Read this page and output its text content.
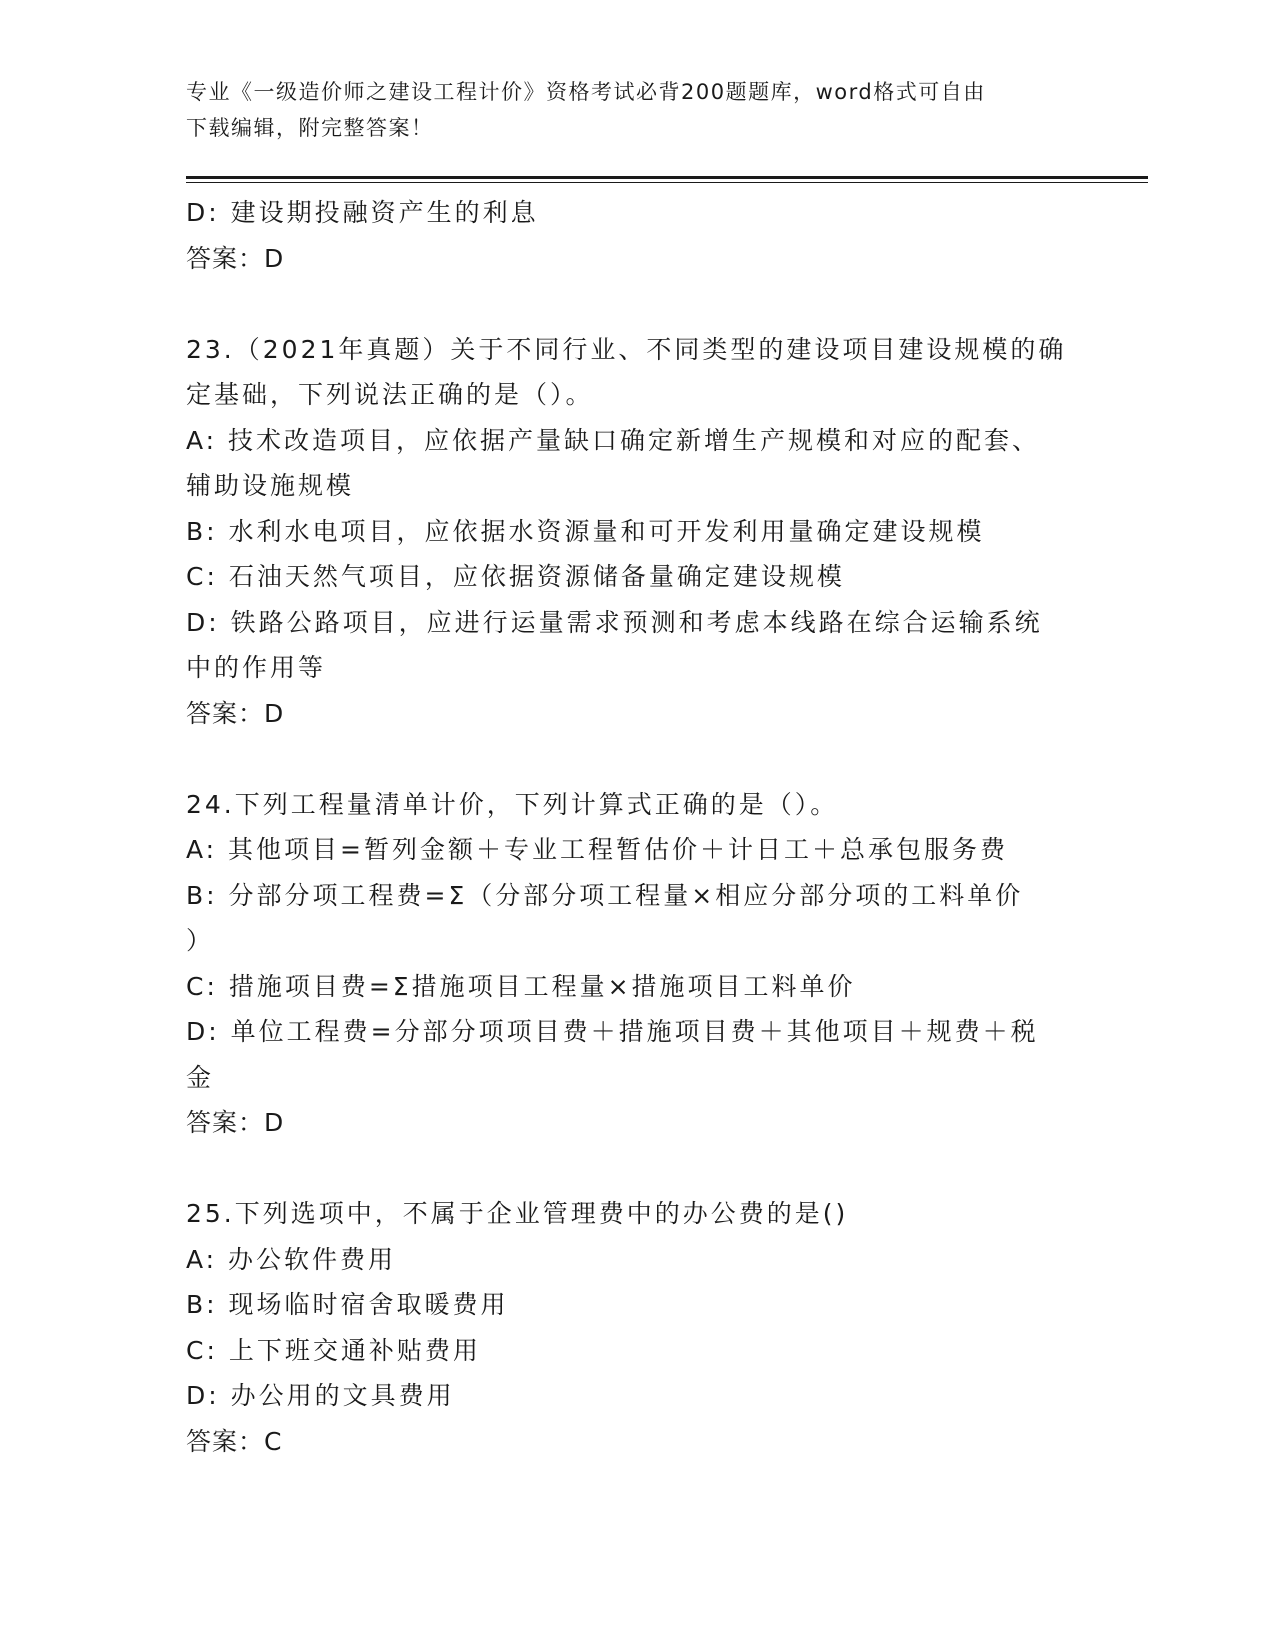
专业《一级造价师之建设工程计价》资格考试必背200题题库，word格式可自由
下载编辑，附完整答案！
D: 建设期投融资产生的利息
答案：D
23.（2021年真题）关于不同行业、不同类型的建设项目建设规模的确
定基础，下列说法正确的是（）。
A: 技术改造项目，应依据产量缺口确定新增生产规模和对应的配套、
辅助设施规模
B: 水利水电项目，应依据水资源量和可开发利用量确定建设规模
C: 石油天然气项目，应依据资源储备量确定建设规模
D: 铁路公路项目，应进行运量需求预测和考虑本线路在综合运输系统
中的作用等
答案：D
24.下列工程量清单计价，下列计算式正确的是（）。
A: 其他项目=暂列金额＋专业工程暂估价＋计日工＋总承包服务费
B: 分部分项工程费=Σ（分部分项工程量×相应分部分项的工料单价
）
C: 措施项目费=Σ措施项目工程量×措施项目工料单价
D: 单位工程费=分部分项项目费＋措施项目费＋其他项目＋规费＋税
金
答案：D
25.下列选项中，不属于企业管理费中的办公费的是()
A: 办公软件费用
B: 现场临时宿舍取暖费用
C: 上下班交通补贴费用
D: 办公用的文具费用
答案：C
